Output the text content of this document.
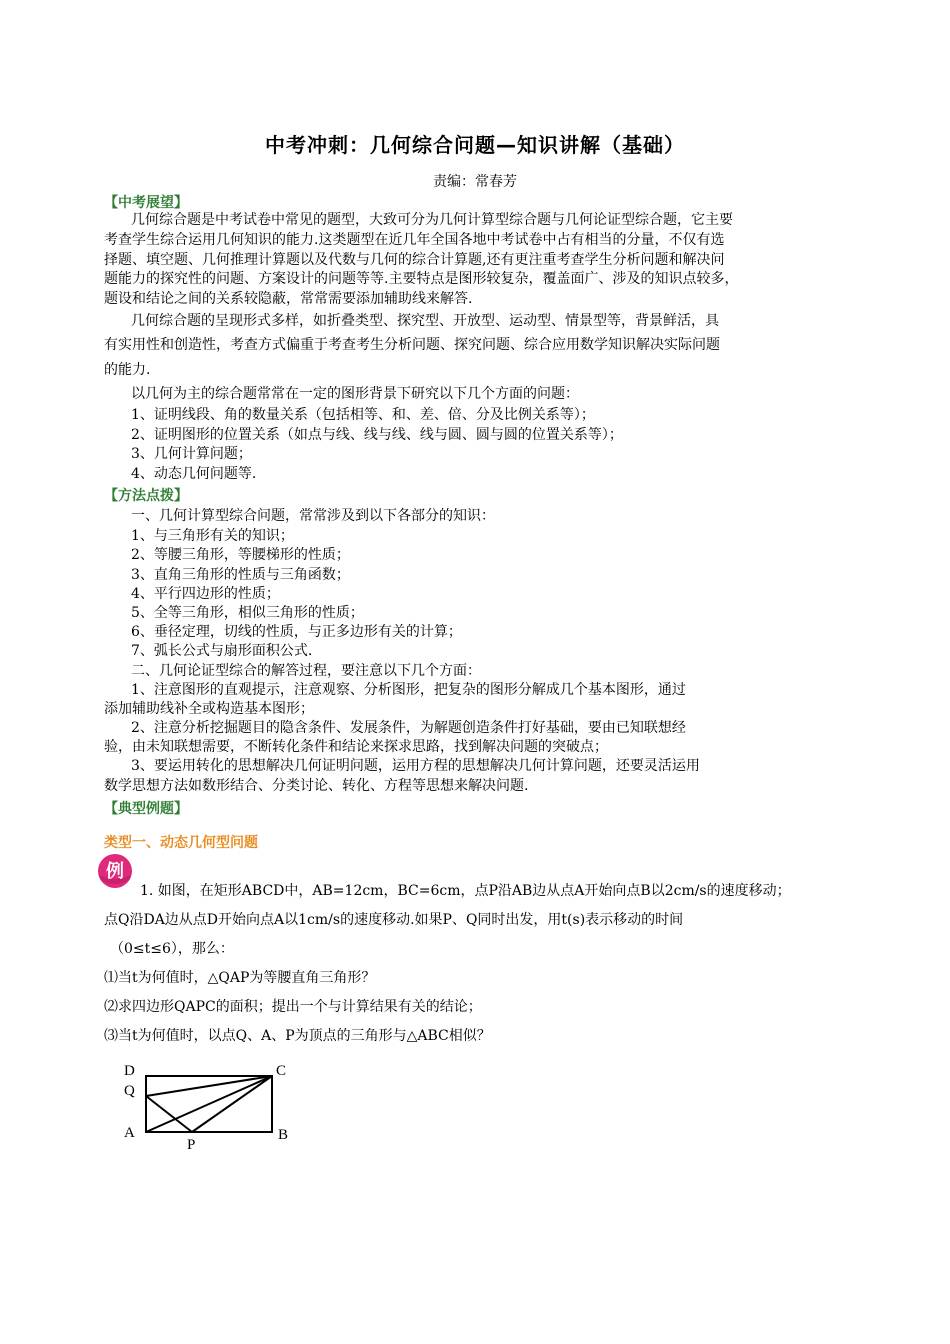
中考冲刺：几何综合问题—知识讲解（基础）
责编：常春芳
【中考展望】
几何综合题是中考试卷中常见的题型，大致可分为几何计算型综合题与几何论证型综合题，它主要
考查学生综合运用几何知识的能力.这类题型在近几年全国各地中考试卷中占有相当的分量，不仅有选
择题、填空题、几何推理计算题以及代数与几何的综合计算题,还有更注重考查学生分析问题和解决问
题能力的探究性的问题、方案设计的问题等等.主要特点是图形较复杂，覆盖面广、涉及的知识点较多，
题设和结论之间的关系较隐蔽，常常需要添加辅助线来解答.
几何综合题的呈现形式多样，如折叠类型、探究型、开放型、运动型、情景型等，背景鲜活，具
有实用性和创造性，考查方式偏重于考查考生分析问题、探究问题、综合应用数学知识解决实际问题
的能力.
以几何为主的综合题常常在一定的图形背景下研究以下几个方面的问题：
1、证明线段、角的数量关系（包括相等、和、差、倍、分及比例关系等）；
2、证明图形的位置关系（如点与线、线与线、线与圆、圆与圆的位置关系等）；
3、几何计算问题；
4、动态几何问题等.
【方法点拨】
一、几何计算型综合问题，常常涉及到以下各部分的知识：
1、与三角形有关的知识；
2、等腰三角形，等腰梯形的性质；
3、直角三角形的性质与三角函数；
4、平行四边形的性质；
5、全等三角形，相似三角形的性质；
6、垂径定理，切线的性质，与正多边形有关的计算；
7、弧长公式与扇形面积公式.
二、几何论证型综合的解答过程，要注意以下几个方面：
1、注意图形的直观提示，注意观察、分析图形，把复杂的图形分解成几个基本图形，通过
添加辅助线补全或构造基本图形；
2、注意分析挖掘题目的隐含条件、发展条件，为解题创造条件打好基础，要由已知联想经
验，由未知联想需要，不断转化条件和结论来探求思路，找到解决问题的突破点；
3、要运用转化的思想解决几何证明问题，运用方程的思想解决几何计算问题，还要灵活运用
数学思想方法如数形结合、分类讨论、转化、方程等思想来解决问题.
【典型例题】
类型一、动态几何型问题
例
1. 如图，在矩形ABCD中，AB=12cm，BC=6cm，点P沿AB边从点A开始向点B以2cm/s的速度移动；
点Q沿DA边从点D开始向点A以1cm/s的速度移动.如果P、Q同时出发，用t(s)表示移动的时间
（0≤t≤6），那么：
⑴当t为何值时，△QAP为等腰直角三角形？
⑵求四边形QAPC的面积；提出一个与计算结果有关的结论；
⑶当t为何值时，以点Q、A、P为顶点的三角形与△ABC相似？
D
Q
A
P
B
C
